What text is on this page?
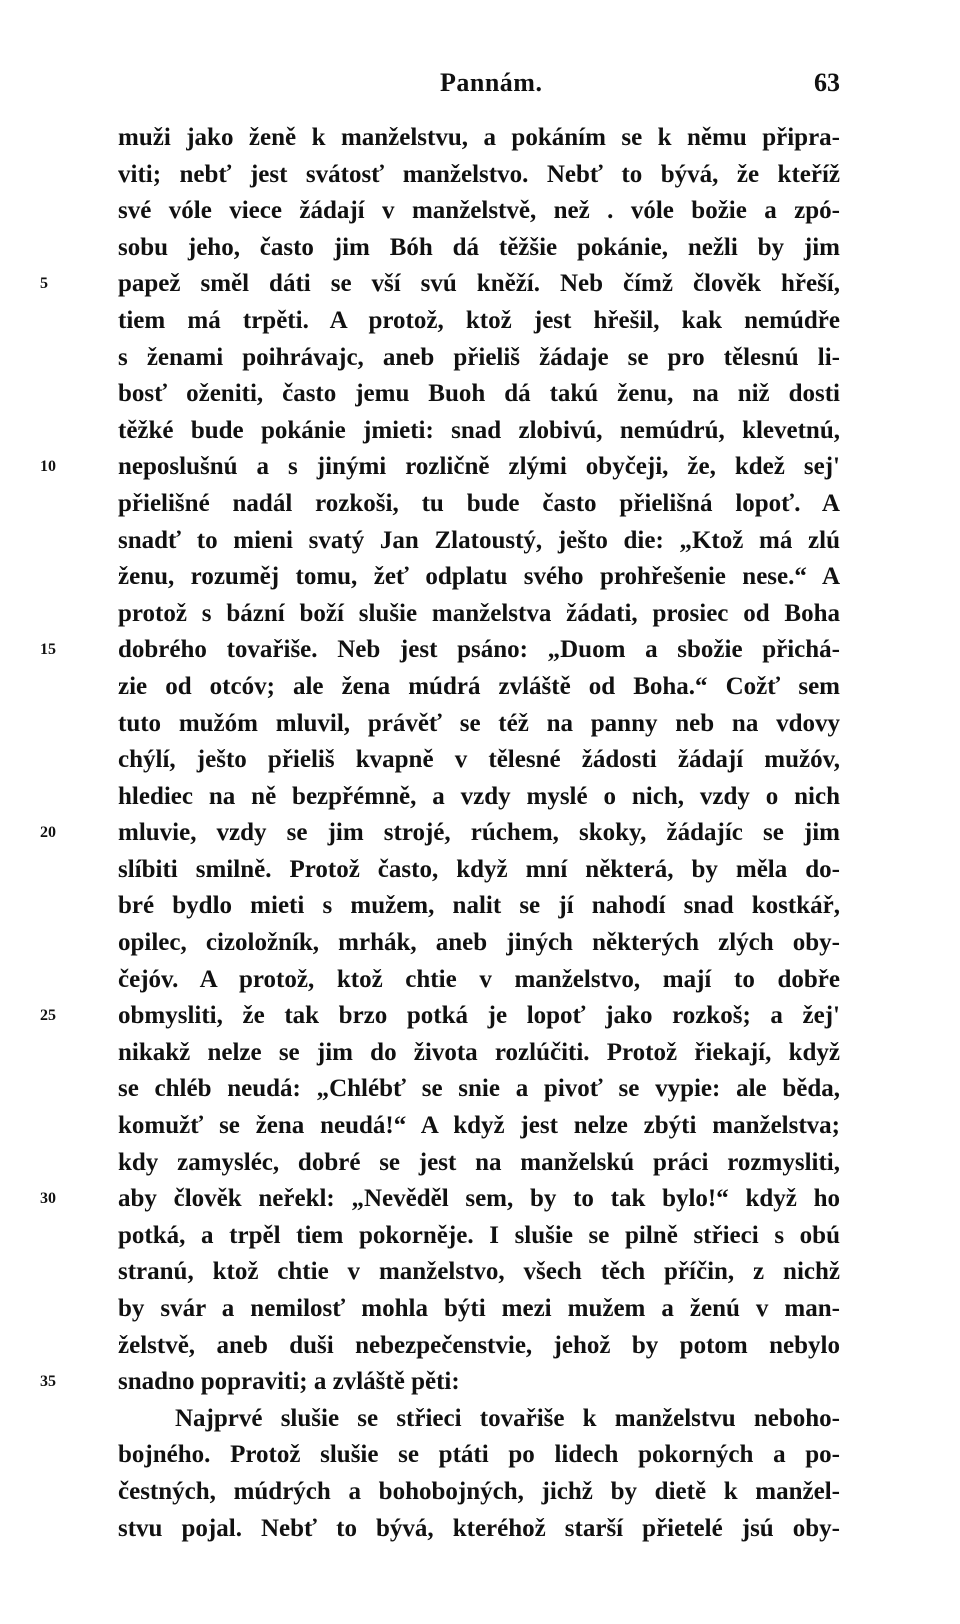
Pannám.	63
muži jako ženě k manželstvu, a pokáním se k němu připra-
viti; nebť jest svátosť manželstvo. Nebť to bývá, že kteříž
své vóle viece žádají v manželstvě, než . vóle božie a zpó-
sobu jeho, často jim Bóh dá těžšie pokánie, nežli by jim
5	papež směl dáti se vší svú kněží. Neb čímž člověk hřeší,
tiem má trpěti. A protož, ktož jest hřešil, kak nemúdře
s ženami poihrávajc, aneb přieliš žádaje se pro tělesnú li-
bosť oženiti, často jemu Buoh dá takú ženu, na niž dosti
těžké bude pokánie jmieti: snad zlobivú, nemúdrú, klevetnú,
10	neposlušnú a s jinými rozličně zlými obyčeji, že, kdež sej'
přielišné nadál rozkoši, tu bude často přielišná lopoť. A
snadť to mieni svatý Jan Zlatoustý, ješto die: „Ktož má zlú
ženu, rozuměj tomu, žeť odplatu svého prohřešenie nese.“ A
protož s bázní boží slušie manželstva žádati, prosiec od Boha
15	dobrého tovařiše. Neb jest psáno: „Duom a sbožie přichá-
zie od otcóv; ale žena múdrá zvláště od Boha.“ Cožť sem
tuto mužóm mluvil, právěť se též na panny neb na vdovy
chýlí, ješto přieliš kvapně v tělesné žádosti žádají mužóv,
hlediec na ně bezpřémně, a vzdy myslé o nich, vzdy o nich
20	mluvie, vzdy se jim strojé, rúchem, skoky, žádajíc se jim
slíbiti smilně. Protož často, když mní některá, by měla do-
bré bydlo mieti s mužem, nalit se jí nahodí snad kostkář,
opilec, cizoložník, mrhák, aneb jiných některých zlých oby-
čejóv. A protož, ktož chtie v manželstvo, mají to dobře
25	obmysliti, že tak brzo potká je lopoť jako rozkoš; a žej'
nikakž nelze se jim do života rozlúčiti. Protož řiekají, když
se chléb neudá: „Chlébť se snie a pivoť se vypie: ale běda,
komužť se žena neudá!“ A když jest nelze zbýti manželstva;
kdy zamysléc, dobré se jest na manželskú práci rozmysliti,
30	aby člověk neřekl: „Nevěděl sem, by to tak bylo!“ když ho
potká, a trpěl tiem pokorněje. I slušie se pilně střieci s obú
stranú, ktož chtie v manželstvo, všech těch příčin, z nichž
by svár a nemilosť mohla býti mezi mužem a ženú v man-
želstvě, aneb duši nebezpečenstvie, jehož by potom nebylo
35	snadno popraviti; a zvláště pěti:
Najprvé slušie se střieci tovařiše k manželstvu neboho-
bojného. Protož slušie se ptáti po lidech pokorných a po-
čestných, múdrých a bohobojných, jichž by dietě k manžel-
stvu pojal. Nebť to bývá, kteréhož starší přietelé jsú oby-
